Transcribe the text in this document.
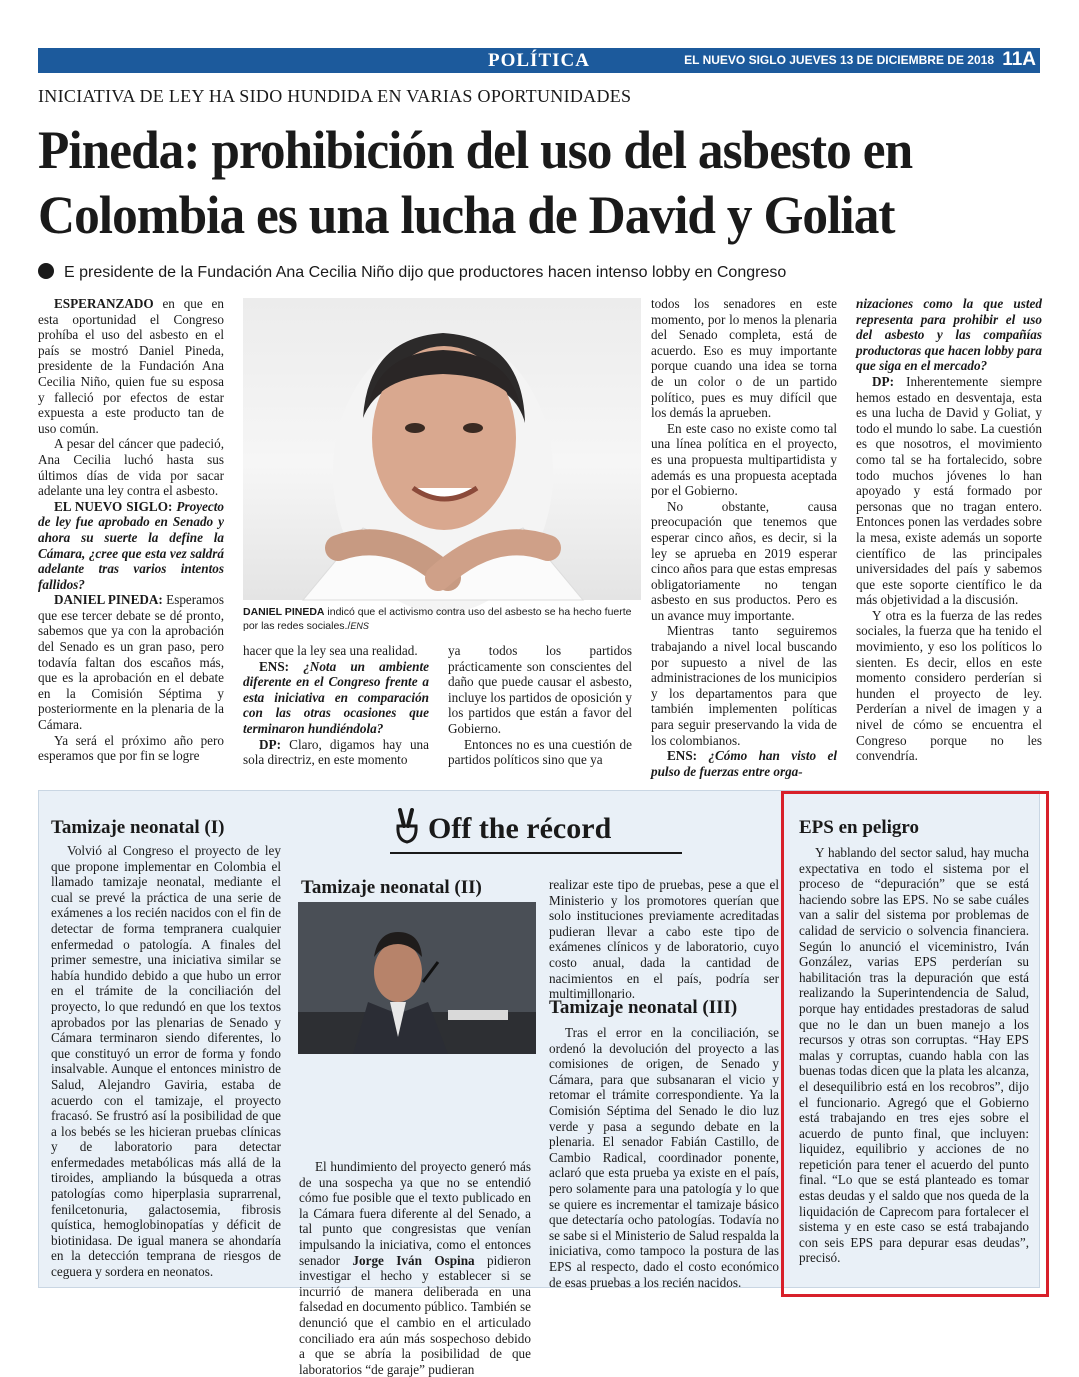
POLÍTICA	EL NUEVO SIGLO JUEVES 13 DE DICIEMBRE DE 2018 11A
INICIATIVA DE LEY HA SIDO HUNDIDA EN VARIAS OPORTUNIDADES
Pineda: prohibición del uso del asbesto en
Colombia es una lucha de David y Goliat
E presidente de la Fundación Ana Cecilia Niño dijo que productores hacen intenso lobby en Congreso

ESPERANZADO en que en esta oportunidad el Congreso prohíba el uso del asbesto en el país se mostró Daniel Pineda, presidente de la Fundación Ana Cecilia Niño, quien fue su esposa y falleció por efectos de estar expuesta a este producto tan de uso común.

A pesar del cáncer que padeció, Ana Cecilia luchó hasta sus últimos días de vida por sacar adelante una ley contra el asbesto.

EL NUEVO SIGLO: Proyecto de ley fue aprobado en Senado y ahora su suerte la define la Cámara, ¿cree que esta vez saldrá adelante tras varios intentos fallidos?

DANIEL PINEDA: Esperamos que ese tercer debate se dé pronto, sabemos que ya con la aprobación del Senado es un gran paso, pero todavía faltan dos escaños más, que es la aprobación en el debate en la Comisión Séptima y posteriormente en la plenaria de la Cámara.

Ya será el próximo año pero esperamos que por fin se logre

DANIEL PINEDA indicó que el activismo contra uso del asbesto se ha hecho fuerte por las redes sociales./ENS

hacer que la ley sea una realidad.

ENS: ¿Nota un ambiente diferente en el Congreso frente a esta iniciativa en comparación con las otras ocasiones que terminaron hundiéndola?

DP: Claro, digamos hay una sola directriz, en este momento

ya todos los partidos prácticamente son conscientes del daño que puede causar el asbesto, incluye los partidos de oposición y los partidos que están a favor del Gobierno.

Entonces no es una cuestión de partidos políticos sino que ya

todos los senadores en este momento, por lo menos la plenaria del Senado completa, está de acuerdo. Eso es muy importante porque cuando una idea se torna de un color o de un partido político, pues es muy difícil que los demás la aprueben.

En este caso no existe como tal una línea política en el proyecto, es una propuesta multipartidista y además es una propuesta aceptada por el Gobierno.

No obstante, causa preocupación que tenemos que esperar cinco años, es decir, si la ley se aprueba en 2019 esperar cinco años para que estas empresas obligatoriamente no tengan asbesto en sus productos. Pero es un avance muy importante.

Mientras tanto seguiremos trabajando a nivel local buscando por supuesto a nivel de las administraciones de los municipios y los departamentos para que también implementen políticas para seguir preservando la vida de los colombianos.

ENS: ¿Cómo han visto el pulso de fuerzas entre orga-

nizaciones como la que usted representa para prohibir el uso del asbesto y las compañías productoras que hacen lobby para que siga en el mercado?

DP: Inherentemente siempre hemos estado en desventaja, esta es una lucha de David y Goliat, y todo el mundo lo sabe. La cuestión es que nosotros, el movimiento como tal se ha fortalecido, sobre todo muchos jóvenes lo han apoyado y está formado por personas que no tragan entero. Entonces ponen las verdades sobre la mesa, existe además un soporte científico de las principales universidades del país y sabemos que este soporte científico le da más objetividad a la discusión.

Y otra es la fuerza de las redes sociales, la fuerza que ha tenido el movimiento, y eso los políticos lo sienten. Es decir, ellos en este momento considero perderían si hunden el proyecto de ley. Perderían a nivel de imagen y a nivel de cómo se encuentra el Congreso porque no les convendría.

Tamizaje neonatal (I)

Volvió al Congreso el proyecto de ley que propone implementar en Colombia el llamado tamizaje neonatal, mediante el cual se prevé la práctica de una serie de exámenes a los recién nacidos con el fin de detectar de forma tempranera cualquier enfermedad o patología. A finales del primer semestre, una iniciativa similar se había hundido debido a que hubo un error en el trámite de la conciliación del proyecto, lo que redundó en que los textos aprobados por las plenarias de Senado y Cámara terminaron siendo diferentes, lo que constituyó un error de forma y fondo insalvable. Aunque el entonces ministro de Salud, Alejandro Gaviria, estaba de acuerdo con el tamizaje, el proyecto fracasó. Se frustró así la posibilidad de que a los bebés se les hicieran pruebas clínicas y de laboratorio para detectar enfermedades metabólicas más allá de la tiroides, ampliando la búsqueda a otras patologías como hiperplasia suprarrenal, fenilcetonuria, galactosemia, fibrosis quística, hemoglobinopatías y déficit de biotinidasa. De igual manera se ahondaría en la detección temprana de riesgos de ceguera y sordera en neonatos.

Tamizaje neonatal (II)

El hundimiento del proyecto generó más de una sospecha ya que no se entendió cómo fue posible que el texto publicado en la Cámara fuera diferente al del Senado, a tal punto que congresistas que venían impulsando la iniciativa, como el entonces senador Jorge Iván Ospina pidieron investigar el hecho y establecer si se incurrió de manera deliberada en una falsedad en documento público. También se denunció que el cambio en el articulado conciliado era aún más sospechoso debido a que se abría la posibilidad de que laboratorios “de garaje” pudieran

realizar este tipo de pruebas, pese a que el Ministerio y los promotores querían que solo instituciones previamente acreditadas pudieran llevar a cabo este tipo de exámenes clínicos y de laboratorio, cuyo costo anual, dada la cantidad de nacimientos en el país, podría ser multimillonario.

Tamizaje neonatal (III)

Tras el error en la conciliación, se ordenó la devolución del proyecto a las comisiones de origen, de Senado y Cámara, para que subsanaran el vicio y retomar el trámite correspondiente. Ya la Comisión Séptima del Senado le dio luz verde y pasa a segundo debate en la plenaria. El senador Fabián Castillo, de Cambio Radical, coordinador ponente, aclaró que esta prueba ya existe en el país, pero solamente para una patología y lo que se quiere es incrementar el tamizaje básico que detectaría ocho patologías. Todavía no se sabe si el Ministerio de Salud respalda la iniciativa, como tampoco la postura de las EPS al respecto, dado el costo económico de esas pruebas a los recién nacidos.

EPS en peligro

Y hablando del sector salud, hay mucha expectativa en todo el sistema por el proceso de “depuración” que se está haciendo sobre las EPS. No se sabe cuáles van a salir del sistema por problemas de calidad de servicio o solvencia financiera. Según lo anunció el viceministro, Iván González, varias EPS perderían su habilitación tras la depuración que está realizando la Superintendencia de Salud, porque hay entidades prestadoras de salud que no le dan un buen manejo a los recursos y otras son corruptas. “Hay EPS malas y corruptas, cuando habla con las buenas todas dicen que la plata les alcanza, el desequilibrio está en los recobros”, dijo el funcionario. Agregó que el Gobierno está trabajando en tres ejes sobre el acuerdo de punto final, que incluyen: liquidez, equilibrio y acciones de no repetición para tener el acuerdo del punto final. “Lo que se está planteado es tomar estas deudas y el saldo que nos queda de la liquidación de Caprecom para fortalecer el sistema y en este caso se está trabajando con seis EPS para depurar esas deudas”, precisó.

Off the récord
